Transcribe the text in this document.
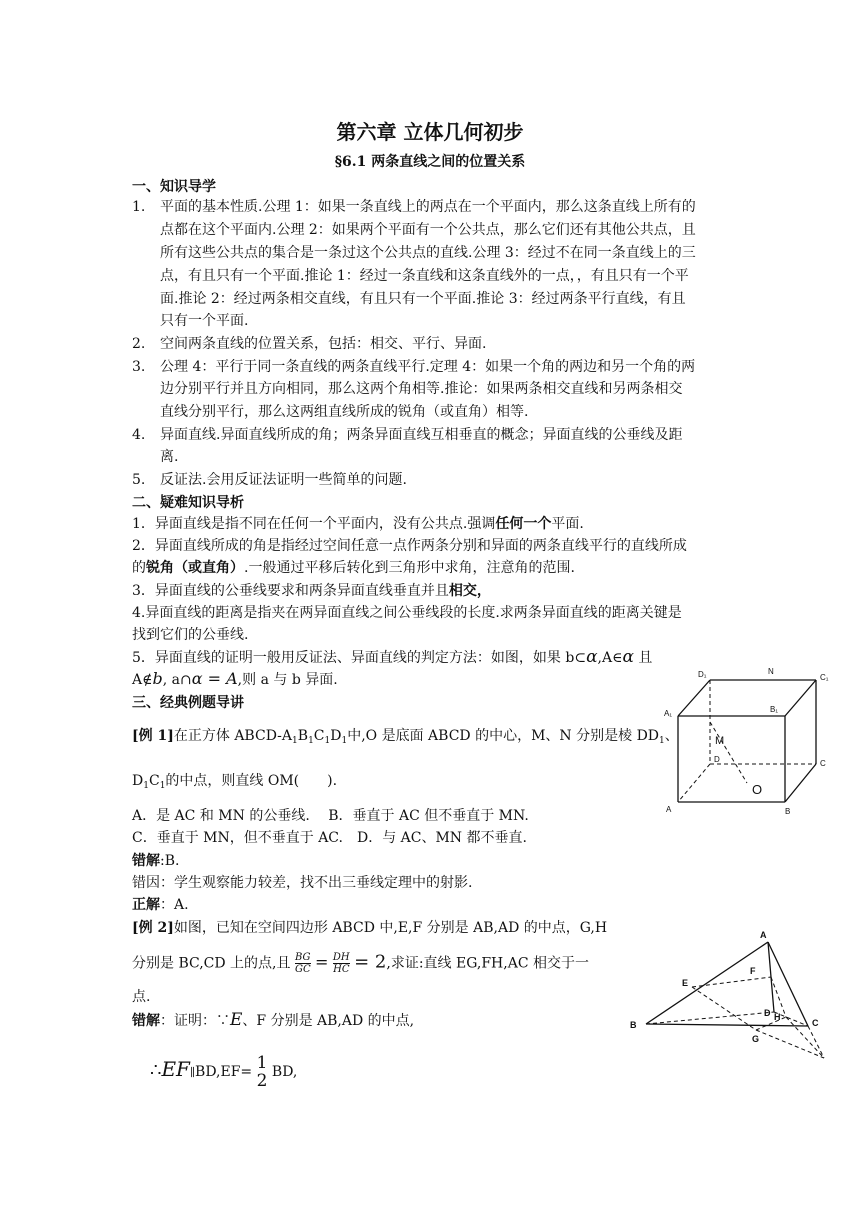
第六章 立体几何初步
§6.1 两条直线之间的位置关系
一、知识导学
1. 平面的基本性质.公理 1：如果一条直线上的两点在一个平面内，那么这条直线上所有的
点都在这个平面内.公理 2：如果两个平面有一个公共点，那么它们还有其他公共点，且
所有这些公共点的集合是一条过这个公共点的直线.公理 3：经过不在同一条直线上的三
点，有且只有一个平面.推论 1：经过一条直线和这条直线外的一点，，有且只有一个平
面.推论 2：经过两条相交直线，有且只有一个平面.推论 3：经过两条平行直线，有且
只有一个平面.
2. 空间两条直线的位置关系，包括：相交、平行、异面.
3. 公理 4：平行于同一条直线的两条直线平行.定理 4：如果一个角的两边和另一个角的两
边分别平行并且方向相同，那么这两个角相等.推论：如果两条相交直线和另两条相交
直线分别平行，那么这两组直线所成的锐角（或直角）相等.
4. 异面直线.异面直线所成的角；两条异面直线互相垂直的概念；异面直线的公垂线及距
离.
5. 反证法.会用反证法证明一些简单的问题.
二、疑难知识导析
1．异面直线是指不同在任何一个平面内，没有公共点.强调任何一个平面.
2．异面直线所成的角是指经过空间任意一点作两条分别和异面的两条直线平行的直线所成
的锐角（或直角）.一般通过平移后转化到三角形中求角，注意角的范围.
3．异面直线的公垂线要求和两条异面直线垂直并且相交，
4.异面直线的距离是指夹在两异面直线之间公垂线段的长度.求两条异面直线的距离关键是
找到它们的公垂线.
5．异面直线的证明一般用反证法、异面直线的判定方法：如图，如果 b⊂α,A∈α 且
A∉b, a∩α = A,则 a 与 b 异面.
三、经典例题导讲
[例 1]在正方体 ABCD-$A_1B_1C_1D_1$中,O 是底面 ABCD 的中心，M、N 分别是棱 $DD_1$、
$D_1C_1$的中点，则直线 OM(　　).
A．是 AC 和 MN 的公垂线.　 B．垂直于 AC 但不垂直于 MN.
C．垂直于 MN，但不垂直于 AC.　D．与 AC、MN 都不垂直.
错解:B.
错因：学生观察能力较差，找不出三垂线定理中的射影.
正解：A.
[例 2]如图，已知在空间四边形 ABCD 中,E,F 分别是 AB,AD 的中点，G,H
分别是 BC,CD 上的点,且 $\frac{BG}{GC} = \frac{DH}{HC} = 2$,求证:直线 EG,FH,AC 相交于一
点.
错解：证明：∵E、F 分别是 AB,AD 的中点,
∴EF∥BD,EF= 1
2 BD,
D₁	N
C₁
A₁	B₁
M
D	C
O
A	B
A
E
F
B
D H
C
G
